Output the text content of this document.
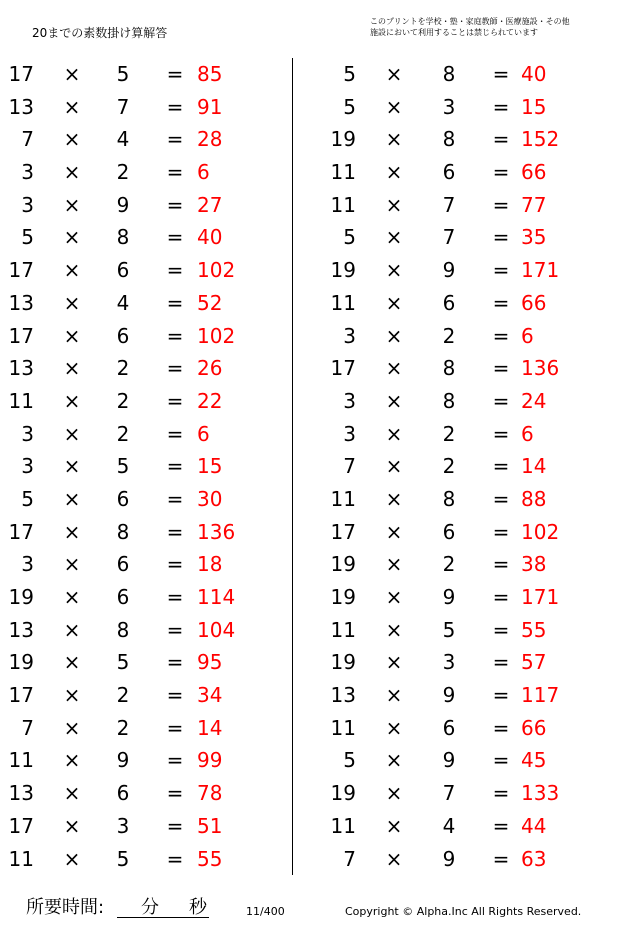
20までの素数掛け算解答
このプリントを学校・塾・家庭教師・医療施設・その他
施設において利用することは禁じられています
17 ×	5	= 85
13 ×	7	= 91
7 ×	4	= 28
3 ×	2	= 6
3 ×	9	= 27
5 ×	8	= 40
17 ×	6	= 102
13 ×	4	= 52
17 ×	6	= 102
13 ×	2	= 26
11 ×	2	= 22
3 ×	2	= 6
3 ×	5	= 15
5 ×	6	= 30
17 ×	8	= 136
3 ×	6	= 18
19 ×	6	= 114
13 ×	8	= 104
19 ×	5	= 95
17 ×	2	= 34
7 ×	2	= 14
11 ×	9	= 99
13 ×	6	= 78
17 ×	3	= 51
11 ×	5	= 55
5 ×	8	= 40
5 ×	3	= 15
19 ×	8	= 152
11 ×	6	= 66
11 ×	7	= 77
5 ×	7	= 35
19 ×	9	= 171
11 ×	6	= 66
3 ×	2	= 6
17 ×	8	= 136
3 ×	8	= 24
3 ×	2	= 6
7 ×	2	= 14
11 ×	8	= 88
17 ×	6	= 102
19 ×	2	= 38
19 ×	9	= 171
11 ×	5	= 55
19 ×	3	= 57
13 ×	9	= 117
11 ×	6	= 66
5 ×	9	= 45
19 ×	7	= 133
11 ×	4	= 44
7 ×	9	= 63
所要時間: 分 秒	11/400	Copyright © Alpha.Inc All Rights Reserved.
